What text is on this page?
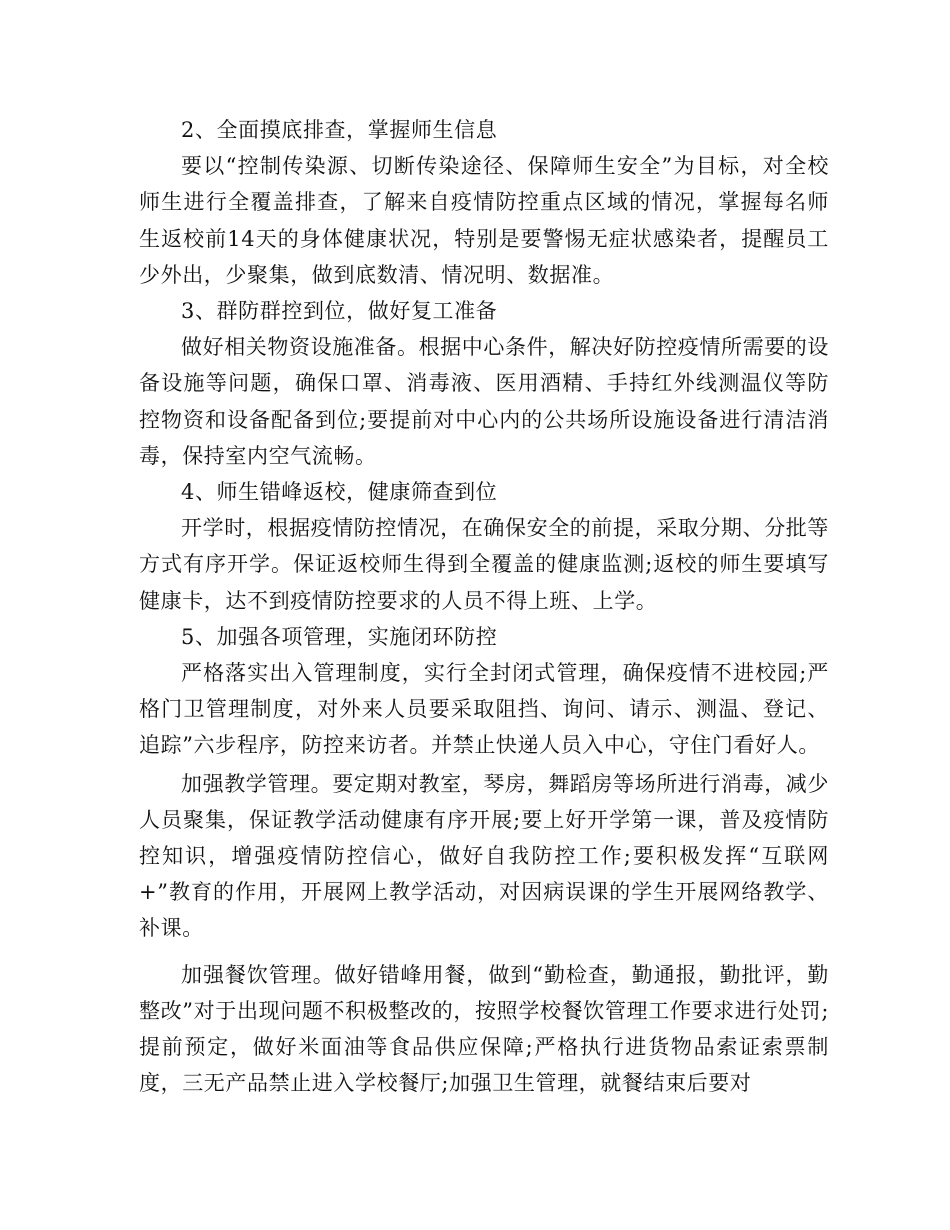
2、全面摸底排查，掌握师生信息

要以“控制传染源、切断传染途径、保障师生安全”为目标，对全校师生进行全覆盖排查，了解来自疫情防控重点区域的情况，掌握每名师生返校前14天的身体健康状况，特别是要警惕无症状感染者，提醒员工少外出，少聚集，做到底数清、情况明、数据准。

3、群防群控到位，做好复工准备

做好相关物资设施准备。根据中心条件，解决好防控疫情所需要的设备设施等问题，确保口罩、消毒液、医用酒精、手持红外线测温仪等防控物资和设备配备到位;要提前对中心内的公共场所设施设备进行清洁消毒，保持室内空气流畅。

4、师生错峰返校，健康筛查到位

开学时，根据疫情防控情况，在确保安全的前提，采取分期、分批等方式有序开学。保证返校师生得到全覆盖的健康监测;返校的师生要填写健康卡，达不到疫情防控要求的人员不得上班、上学。

5、加强各项管理，实施闭环防控

严格落实出入管理制度，实行全封闭式管理，确保疫情不进校园;严格门卫管理制度，对外来人员要采取阻挡、询问、请示、测温、登记、追踪”六步程序，防控来访者。并禁止快递人员入中心，守住门看好人。

加强教学管理。要定期对教室，琴房，舞蹈房等场所进行消毒，减少人员聚集，保证教学活动健康有序开展;要上好开学第一课，普及疫情防控知识，增强疫情防控信心，做好自我防控工作;要积极发挥“互联网+”教育的作用，开展网上教学活动，对因病误课的学生开展网络教学、补课。

加强餐饮管理。做好错峰用餐，做到“勤检查，勤通报，勤批评，勤整改”对于出现问题不积极整改的，按照学校餐饮管理工作要求进行处罚;提前预定，做好米面油等食品供应保障;严格执行进货物品索证索票制度，三无产品禁止进入学校餐厅;加强卫生管理，就餐结束后要对
